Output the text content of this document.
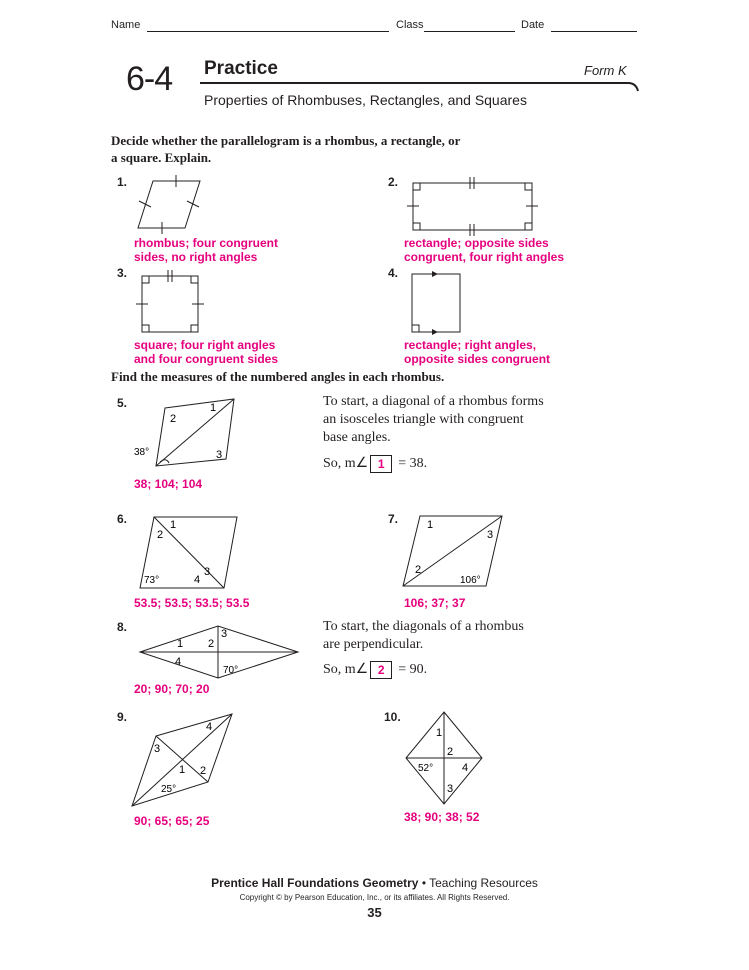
Name	Class	Date
6-4 Practice	Form K
Properties of Rhombuses, Rectangles, and Squares
Decide whether the parallelogram is a rhombus, a rectangle, or
a square. Explain.
1.
rhombus; four congruent
sides, no right angles
2.
rectangle; opposite sides
congruent, four right angles
3.
square; four right angles
and four congruent sides
4.
rectangle; right angles,
opposite sides congruent
Find the measures of the numbered angles in each rhombus.
5.
2
1
3
38°
38; 104; 104
To start, a diagonal of a rhombus forms
an isosceles triangle with congruent
base angles.
So, m∠ 1 = 38.
6.	1
2
3
4
73°
53.5; 53.5; 53.5; 53.5
7.	1
3
2
106°
106; 37; 37
8.
1 2
3
4
70°
20; 90; 70; 20
To start, the diagonals of a rhombus
are perpendicular.
So, m∠ 2 = 90.
9.
4
3
1 2
25°
90; 65; 65; 25
10.
1
2
4
3
52°
38; 90; 38; 52
Prentice Hall Foundations Geometry • Teaching Resources
Copyright © by Pearson Education, Inc., or its affiliates. All Rights Reserved.
35
